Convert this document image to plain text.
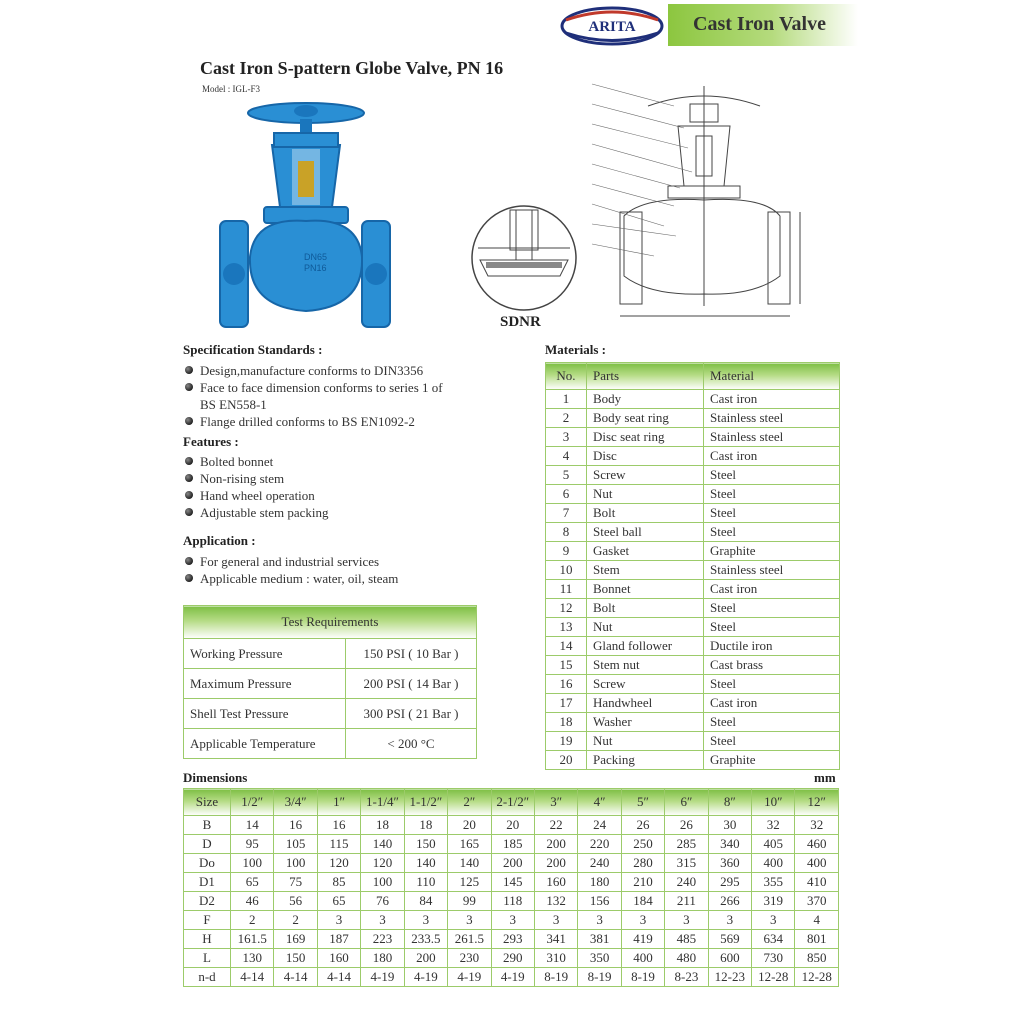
ARITA	Cast Iron Valve
Cast Iron S-pattern Globe Valve, PN 16
Model : IGL-F3
DN65
PN16
SDNR
Specification Standards :
Design,manufacture conforms to DIN3356
Face to face dimension conforms to series 1 of BS EN558-1
Flange drilled conforms to BS EN1092-2
Features :
Bolted bonnet
Non-rising stem
Hand wheel operation
Adjustable stem packing
Application :
For general and industrial services
Applicable medium : water, oil, steam
Test Requirements	
Working Pressure	150 PSI ( 10 Bar )
Maximum Pressure	200 PSI ( 14 Bar )
Shell Test Pressure	300 PSI ( 21 Bar )
Applicable Temperature	< 200 °C
Materials :
No.	Parts	Material
1	Body	Cast iron
2	Body seat ring	Stainless steel
3	Disc seat ring	Stainless steel
4	Disc	Cast iron
5	Screw	Steel
6	Nut	Steel
7	Bolt	Steel
8	Steel ball	Steel
9	Gasket	Graphite
10	Stem	Stainless steel
11	Bonnet	Cast iron
12	Bolt	Steel
13	Nut	Steel
14	Gland follower	Ductile iron
15	Stem nut	Cast brass
16	Screw	Steel
17	Handwheel	Cast iron
18	Washer	Steel
19	Nut	Steel
20	Packing	Graphite
Dimensions	mm
Size	1/2″	3/4″	1″	1-1/4″	1-1/2″	2″	2-1/2″	3″	4″	5″	6″	8″	10″	12″
B	14	16	16	18	18	20	20	22	24	26	26	30	32	32
D	95	105	115	140	150	165	185	200	220	250	285	340	405	460
Do	100	100	120	120	140	140	200	200	240	280	315	360	400	400
D1	65	75	85	100	110	125	145	160	180	210	240	295	355	410
D2	46	56	65	76	84	99	118	132	156	184	211	266	319	370
F	2	2	3	3	3	3	3	3	3	3	3	3	3	4
H	161.5	169	187	223	233.5	261.5	293	341	381	419	485	569	634	801
L	130	150	160	180	200	230	290	310	350	400	480	600	730	850
n-d	4-14	4-14	4-14	4-19	4-19	4-19	4-19	8-19	8-19	8-19	8-23	12-23	12-28	12-28
